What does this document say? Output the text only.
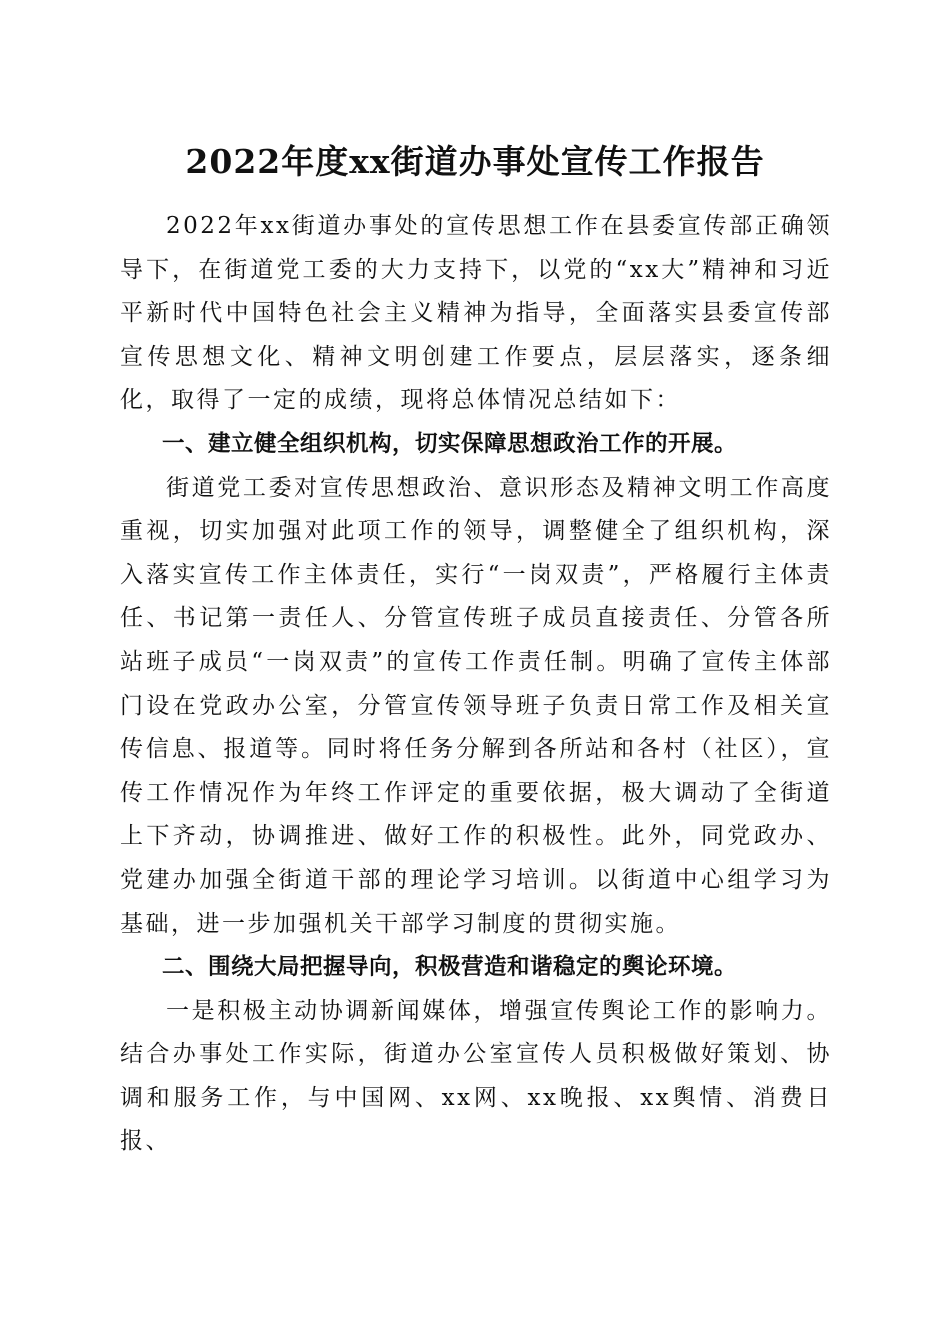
2022年度xx街道办事处宣传工作报告

2022年xx街道办事处的宣传思想工作在县委宣传部正确领导下，在街道党工委的大力支持下，以党的“xx大”精神和习近平新时代中国特色社会主义精神为指导，全面落实县委宣传部宣传思想文化、精神文明创建工作要点，层层落实，逐条细化，取得了一定的成绩，现将总体情况总结如下：

一、建立健全组织机构，切实保障思想政治工作的开展。

街道党工委对宣传思想政治、意识形态及精神文明工作高度重视，切实加强对此项工作的领导，调整健全了组织机构，深入落实宣传工作主体责任，实行“一岗双责”，严格履行主体责任、书记第一责任人、分管宣传班子成员直接责任、分管各所站班子成员“一岗双责”的宣传工作责任制。明确了宣传主体部门设在党政办公室，分管宣传领导班子负责日常工作及相关宣传信息、报道等。同时将任务分解到各所站和各村（社区），宣传工作情况作为年终工作评定的重要依据，极大调动了全街道上下齐动，协调推进、做好工作的积极性。此外，同党政办、党建办加强全街道干部的理论学习培训。以街道中心组学习为基础，进一步加强机关干部学习制度的贯彻实施。

二、围绕大局把握导向，积极营造和谐稳定的舆论环境。

一是积极主动协调新闻媒体，增强宣传舆论工作的影响力。结合办事处工作实际，街道办公室宣传人员积极做好策划、协调和服务工作，与中国网、xx网、xx晚报、xx舆情、消费日报、
